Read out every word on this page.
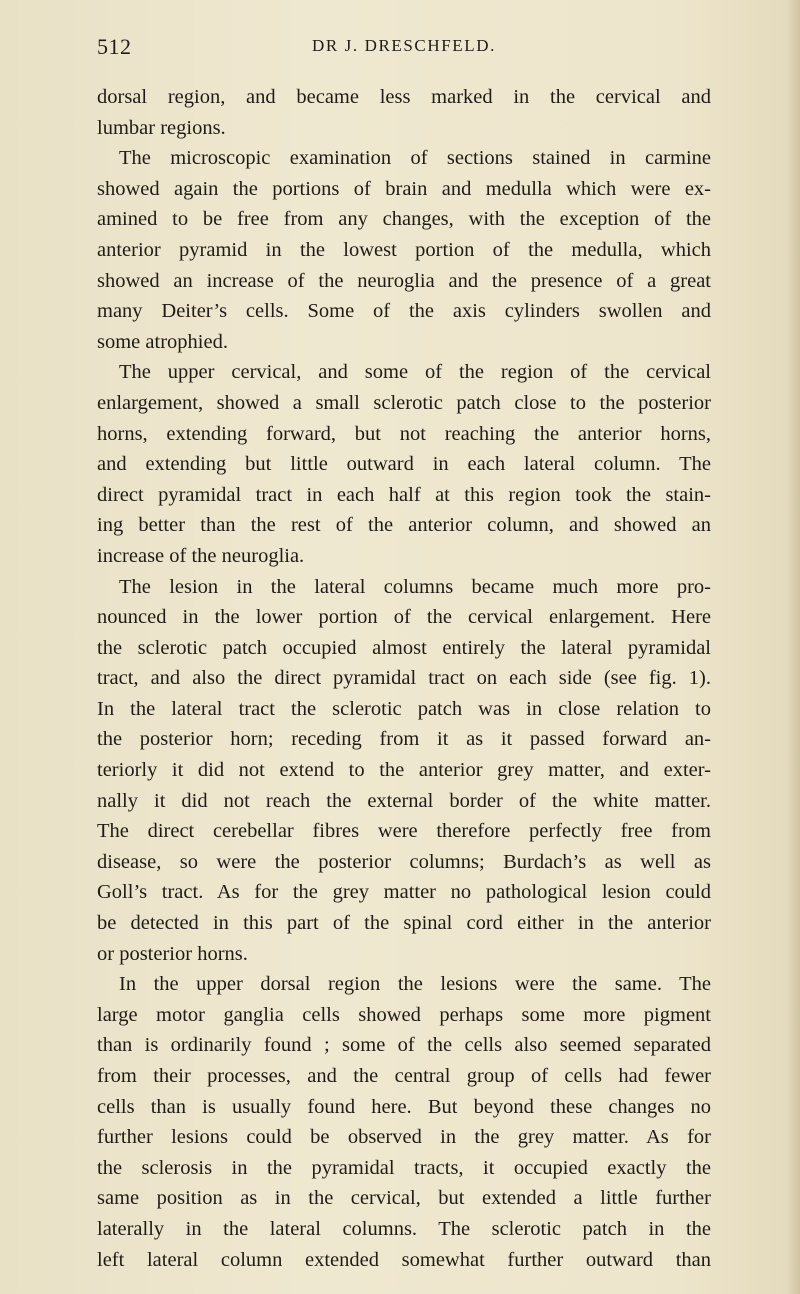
512	DR J. DRESCHFELD.
dorsal region, and became less marked in the cervical and
lumbar regions.
The microscopic examination of sections stained in carmine
showed again the portions of brain and medulla which were ex-
amined to be free from any changes, with the exception of the
anterior pyramid in the lowest portion of the medulla, which
showed an increase of the neuroglia and the presence of a great
many Deiter’s cells. Some of the axis cylinders swollen and
some atrophied.
The upper cervical, and some of the region of the cervical
enlargement, showed a small sclerotic patch close to the posterior
horns, extending forward, but not reaching the anterior horns,
and extending but little outward in each lateral column. The
direct pyramidal tract in each half at this region took the stain-
ing better than the rest of the anterior column, and showed an
increase of the neuroglia.
The lesion in the lateral columns became much more pro-
nounced in the lower portion of the cervical enlargement. Here
the sclerotic patch occupied almost entirely the lateral pyramidal
tract, and also the direct pyramidal tract on each side (see fig. 1).
In the lateral tract the sclerotic patch was in close relation to
the posterior horn; receding from it as it passed forward an-
teriorly it did not extend to the anterior grey matter, and exter-
nally it did not reach the external border of the white matter.
The direct cerebellar fibres were therefore perfectly free from
disease, so were the posterior columns; Burdach’s as well as
Goll’s tract. As for the grey matter no pathological lesion could
be detected in this part of the spinal cord either in the anterior
or posterior horns.
In the upper dorsal region the lesions were the same. The
large motor ganglia cells showed perhaps some more pigment
than is ordinarily found ; some of the cells also seemed separated
from their processes, and the central group of cells had fewer
cells than is usually found here. But beyond these changes no
further lesions could be observed in the grey matter. As for
the sclerosis in the pyramidal tracts, it occupied exactly the
same position as in the cervical, but extended a little further
laterally in the lateral columns. The sclerotic patch in the
left lateral column extended somewhat further outward than
